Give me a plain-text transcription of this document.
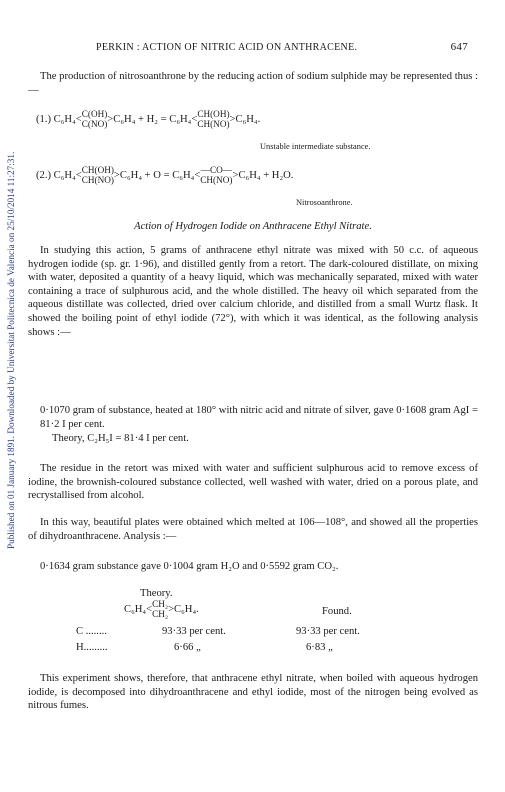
Published on 01 January 1891. Downloaded by Universitat Politecnica de Valencia on 25/10/2014 11:27:31.
PERKIN : ACTION OF NITRIC ACID ON ANTHRACENE.	647
The production of nitrosoanthrone by the reducing action of sodium sulphide may be represented thus :—
(1.) C₆H₄< C(OH)
C(NO) >C₆H₄ + H₂ = C₆H₄< CH(OH)
CH(NO) >C₆H₄.
Unstable intermediate substance.
(2.) C₆H₄< CH(OH)
CH(NO) >C₆H₄ + O = C₆H₄< —CO—
CH(NO) >C₆H₄ + H₂O.
Nitrosoanthrone.
Action of Hydrogen Iodide on Anthracene Ethyl Nitrate.
In studying this action, 5 grams of anthracene ethyl nitrate was mixed with 50 c.c. of aqueous hydrogen iodide (sp. gr. 1·96), and distilled gently from a retort. The dark-coloured distillate, on mixing with water, deposited a quantity of a heavy liquid, which was mechanically separated, mixed with water containing a trace of sulphurous acid, and the whole distilled. The heavy oil which separated from the aqueous distillate was collected, dried over calcium chloride, and distilled from a small Wurtz flask. It showed the boiling point of ethyl iodide (72°), with which it was identical, as the following analysis shows :—
0·1070 gram of substance, heated at 180° with nitric acid and nitrate of silver, gave 0·1608 gram AgI = 81·2 I per cent.
Theory, C₂H₅I = 81·4 I per cent.
The residue in the retort was mixed with water and sufficient sulphurous acid to remove excess of iodine, the brownish-coloured substance collected, well washed with water, dried on a porous plate, and recrystallised from alcohol.
In this way, beautiful plates were obtained which melted at 106—108°, and showed all the properties of dihydroanthracene. Analysis :—
0·1634 gram substance gave 0·1004 gram H₂O and 0·5592 gram CO₂.
Theory.
C₆H₄< CH₂
CH₂ >C₆H₄.	Found.
C ........	93·33 per cent.	93·33 per cent.
H.........	6·66 „	6·83 „
This experiment shows, therefore, that anthracene ethyl nitrate, when boiled with aqueous hydrogen iodide, is decomposed into dihydroanthracene and ethyl iodide, most of the nitrogen being evolved as nitrous fumes.
